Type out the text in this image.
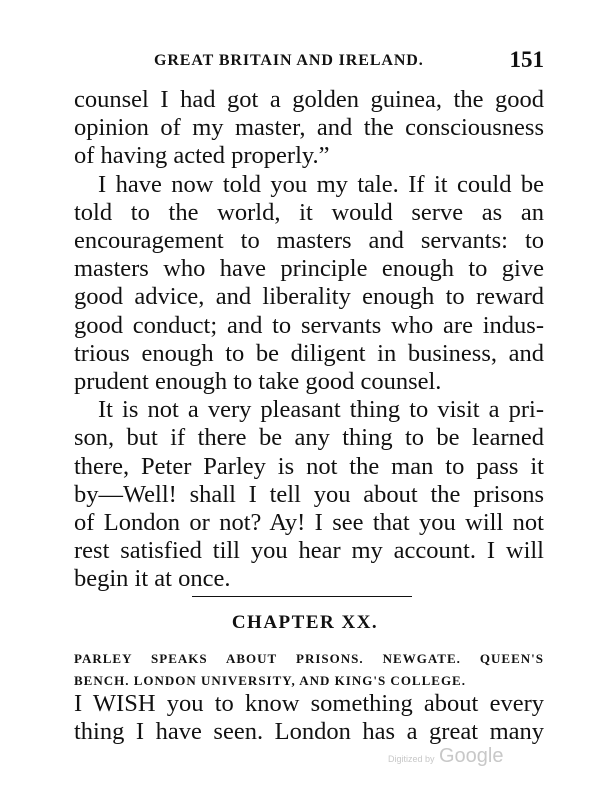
GREAT BRITAIN AND IRELAND.	151
counsel I had got a golden guinea, the good
opinion of my master, and the consciousness
of having acted properly.”
I have now told you my tale. If it could be
told to the world, it would serve as an
encouragement to masters and servants: to
masters who have principle enough to give
good advice, and liberality enough to reward
good conduct; and to servants who are indus-
trious enough to be diligent in business, and
prudent enough to take good counsel.
It is not a very pleasant thing to visit a pri-
son, but if there be any thing to be learned
there, Peter Parley is not the man to pass it
by—Well! shall I tell you about the prisons
of London or not? Ay! I see that you will not
rest satisfied till you hear my account. I will
begin it at once.
CHAPTER XX.
PARLEY SPEAKS ABOUT PRISONS. NEWGATE. QUEEN'S
BENCH. LONDON UNIVERSITY, AND KING'S COLLEGE.
I WISH you to know something about every
thing I have seen. London has a great many
Digitized by Google
